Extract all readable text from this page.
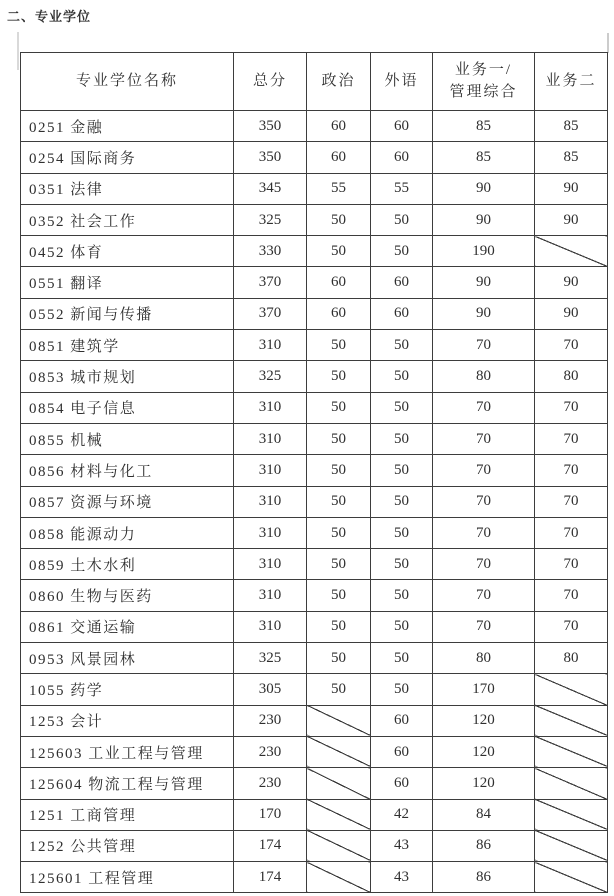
二、专业学位
专业学位名称	总分	政治	外语	业务一/
管理综合	业务二
0251 金融	350	60	60	85	85
0254 国际商务	350	60	60	85	85
0351 法律	345	55	55	90	90
0352 社会工作	325	50	50	90	90
0452 体育	330	50	50	190	
0551 翻译	370	60	60	90	90
0552 新闻与传播	370	60	60	90	90
0851 建筑学	310	50	50	70	70
0853 城市规划	325	50	50	80	80
0854 电子信息	310	50	50	70	70
0855 机械	310	50	50	70	70
0856 材料与化工	310	50	50	70	70
0857 资源与环境	310	50	50	70	70
0858 能源动力	310	50	50	70	70
0859 土木水利	310	50	50	70	70
0860 生物与医药	310	50	50	70	70
0861 交通运输	310	50	50	70	70
0953 风景园林	325	50	50	80	80
1055 药学	305	50	50	170	
1253 会计	230		60	120	
125603 工业工程与管理	230		60	120	
125604 物流工程与管理	230		60	120	
1251 工商管理	170		42	84	
1252 公共管理	174		43	86	
125601 工程管理	174		43	86	
